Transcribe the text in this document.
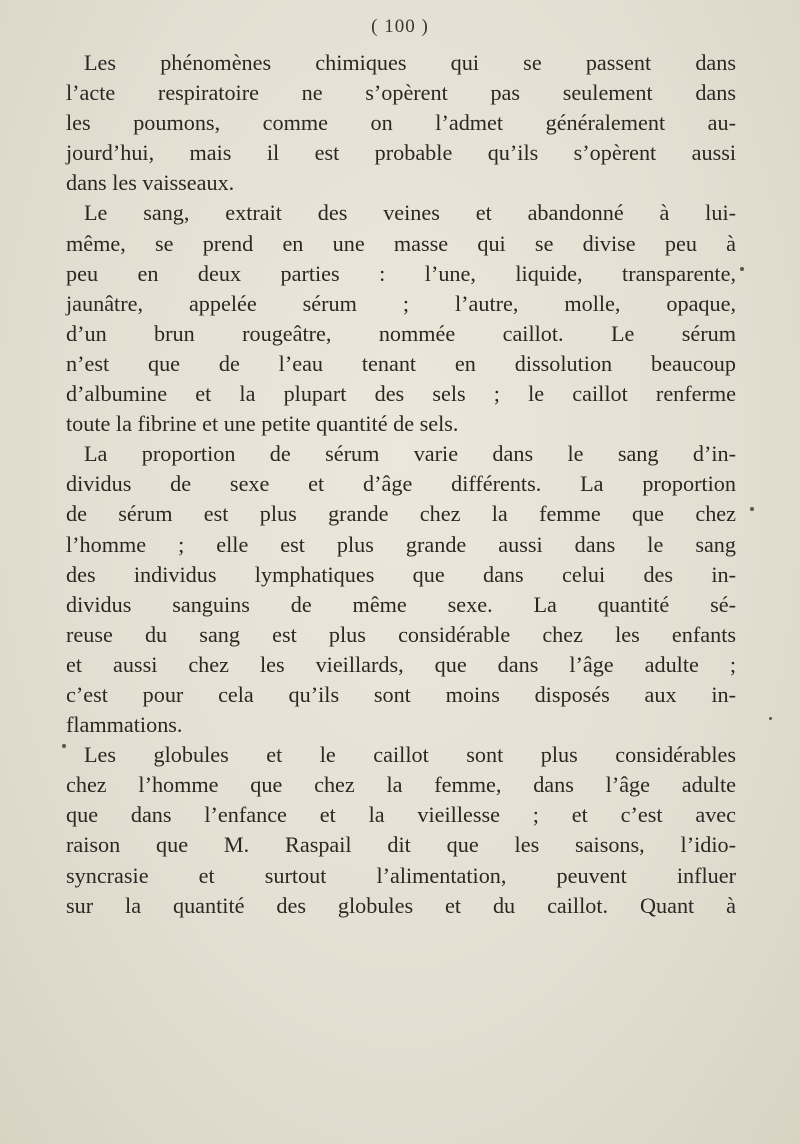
( 100 )
Les phénomènes chimiques qui se passent dans
l’acte respiratoire ne s’opèrent pas seulement dans
les poumons, comme on l’admet généralement au-
jourd’hui, mais il est probable qu’ils s’opèrent aussi
dans les vaisseaux.
Le sang, extrait des veines et abandonné à lui-
même, se prend en une masse qui se divise peu à
peu en deux parties : l’une, liquide, transparente,
jaunâtre, appelée sérum ; l’autre, molle, opaque,
d’un brun rougeâtre, nommée caillot. Le sérum
n’est que de l’eau tenant en dissolution beaucoup
d’albumine et la plupart des sels ; le caillot renferme
toute la fibrine et une petite quantité de sels.
La proportion de sérum varie dans le sang d’in-
dividus de sexe et d’âge différents. La proportion
de sérum est plus grande chez la femme que chez
l’homme ; elle est plus grande aussi dans le sang
des individus lymphatiques que dans celui des in-
dividus sanguins de même sexe. La quantité sé-
reuse du sang est plus considérable chez les enfants
et aussi chez les vieillards, que dans l’âge adulte ;
c’est pour cela qu’ils sont moins disposés aux in-
flammations.
Les globules et le caillot sont plus considérables
chez l’homme que chez la femme, dans l’âge adulte
que dans l’enfance et la vieillesse ; et c’est avec
raison que M. Raspail dit que les saisons, l’idio-
syncrasie et surtout l’alimentation, peuvent influer
sur la quantité des globules et du caillot. Quant à
